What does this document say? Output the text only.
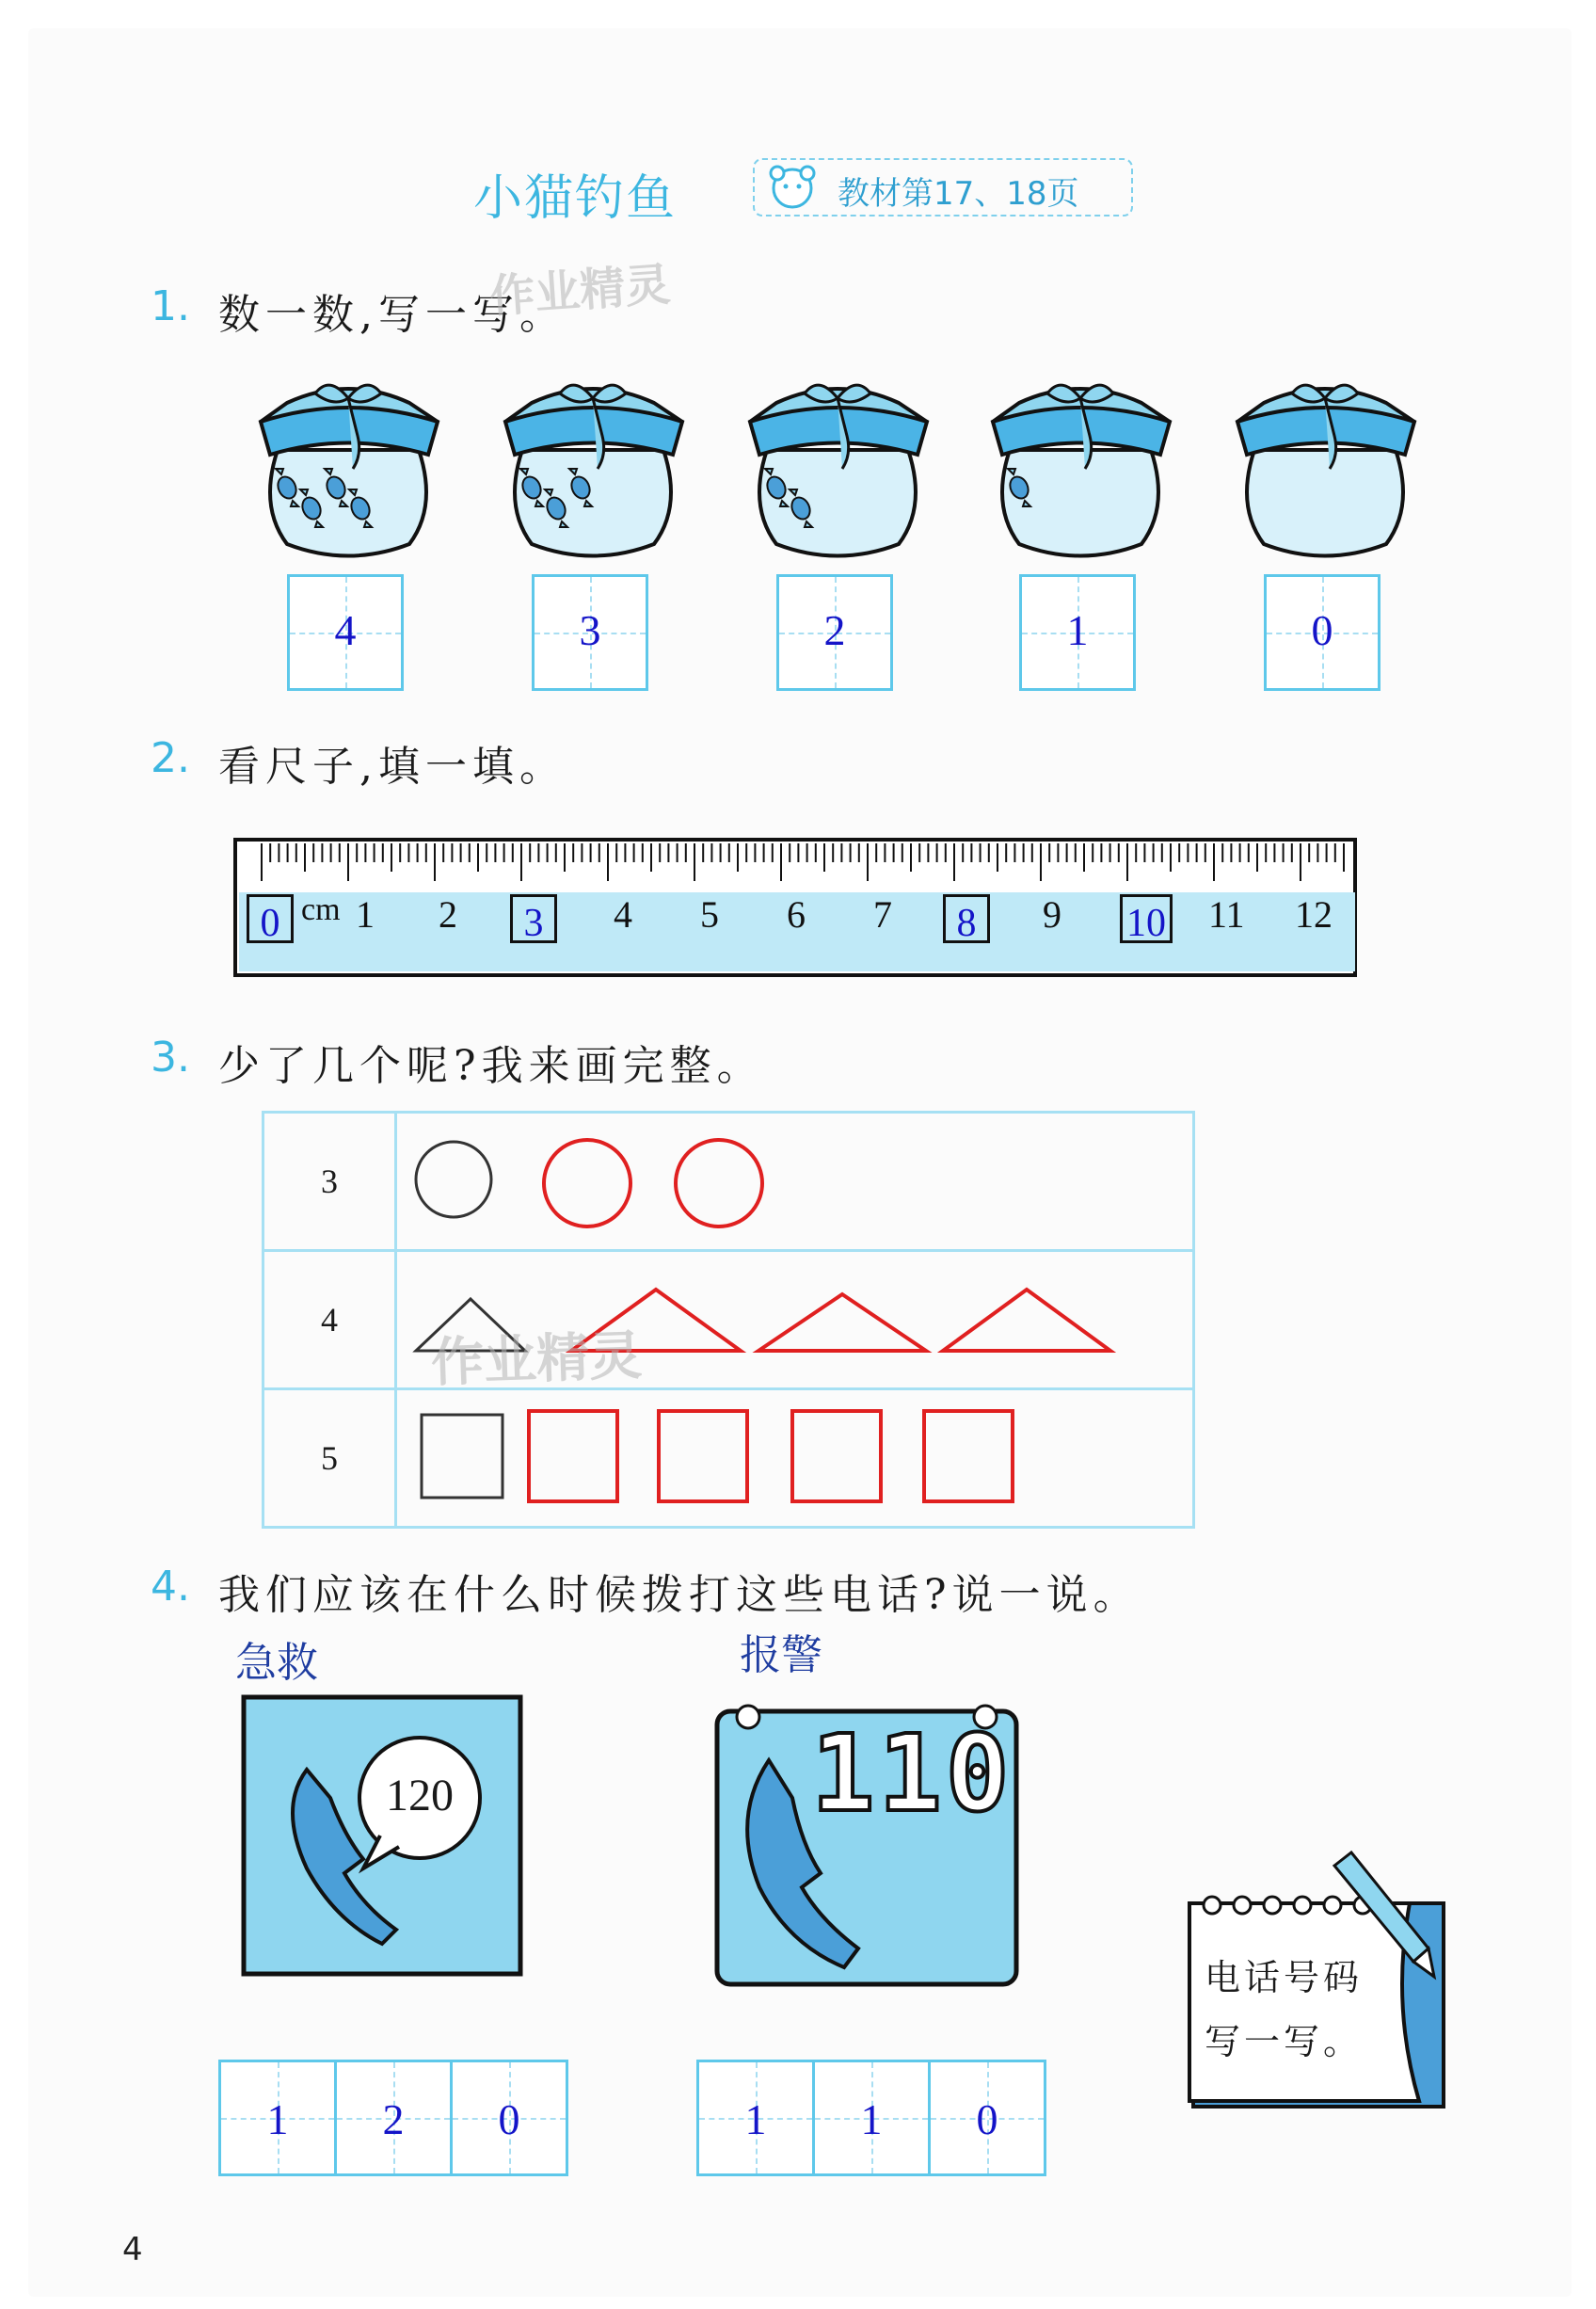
小猫钓鱼	教材第17、18页
1. 数一数,写一写。
作业精灵
4	3	2	1	0
2. 看尺子,填一填。
cm 1 2	4 5 6 7	9	11 12
0	3	8	10
3. 少了几个呢?我来画完整。
3	
4	
5	
作业精灵
4. 我们应该在什么时候拨打这些电话?说一说。
急救	报警
120	110
电话号码
写一写。
1	2	0	1	1	0
4
